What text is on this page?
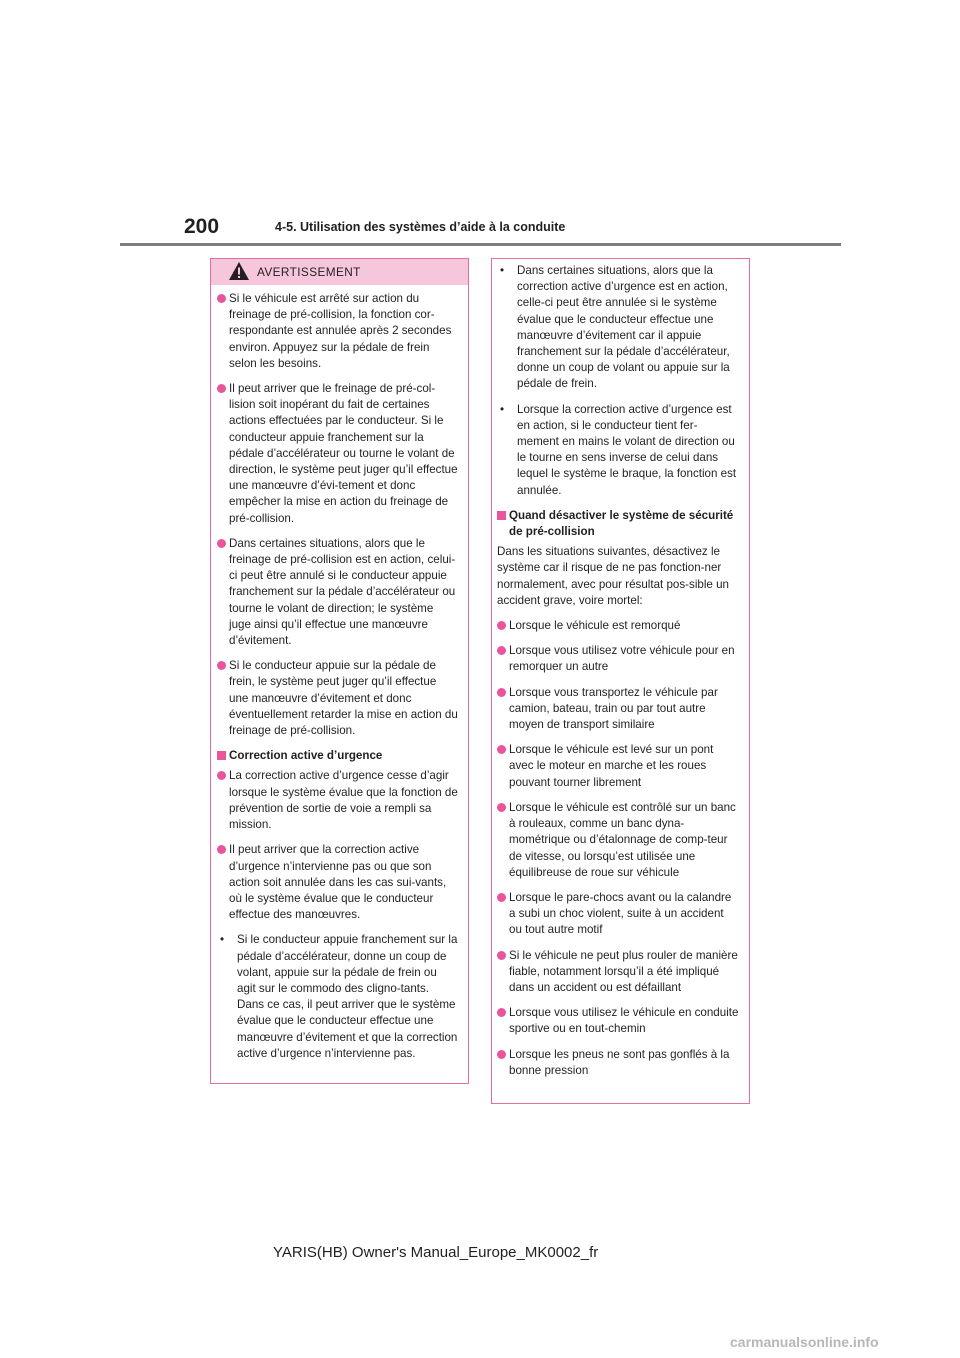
200	4-5. Utilisation des systèmes d’aide à la conduite
AVERTISSEMENT
Si le véhicule est arrêté sur action du freinage de pré-collision, la fonction cor-respondante est annulée après 2 secondes environ. Appuyez sur la pédale de frein selon les besoins.
Il peut arriver que le freinage de pré-col-lision soit inopérant du fait de certaines actions effectuées par le conducteur. Si le conducteur appuie franchement sur la pédale d’accélérateur ou tourne le volant de direction, le système peut juger qu’il effectue une manœuvre d’évi-tement et donc empêcher la mise en action du freinage de pré-collision.
Dans certaines situations, alors que le freinage de pré-collision est en action, celui-ci peut être annulé si le conducteur appuie franchement sur la pédale d’accélérateur ou tourne le volant de direction; le système juge ainsi qu’il effectue une manœuvre d’évitement.
Si le conducteur appuie sur la pédale de frein, le système peut juger qu’il effectue une manœuvre d’évitement et donc éventuellement retarder la mise en action du freinage de pré-collision.
Correction active d’urgence
La correction active d’urgence cesse d’agir lorsque le système évalue que la fonction de prévention de sortie de voie a rempli sa mission.
Il peut arriver que la correction active d’urgence n’intervienne pas ou que son action soit annulée dans les cas sui-vants, où le système évalue que le conducteur effectue des manœuvres.
• Si le conducteur appuie franchement sur la pédale d’accélérateur, donne un coup de volant, appuie sur la pédale de frein ou agit sur le commodo des cligno-tants. Dans ce cas, il peut arriver que le système évalue que le conducteur effectue une manœuvre d’évitement et que la correction active d’urgence n’intervienne pas.
• Dans certaines situations, alors que la correction active d’urgence est en action, celle-ci peut être annulée si le système évalue que le conducteur effectue une manœuvre d’évitement car il appuie franchement sur la pédale d’accélérateur, donne un coup de volant ou appuie sur la pédale de frein.
• Lorsque la correction active d’urgence est en action, si le conducteur tient fer-mement en mains le volant de direction ou le tourne en sens inverse de celui dans lequel le système le braque, la fonction est annulée.
Quand désactiver le système de sécurité de pré-collision
Dans les situations suivantes, désactivez le système car il risque de ne pas fonction-ner normalement, avec pour résultat pos-sible un accident grave, voire mortel:
Lorsque le véhicule est remorqué
Lorsque vous utilisez votre véhicule pour en remorquer un autre
Lorsque vous transportez le véhicule par camion, bateau, train ou par tout autre moyen de transport similaire
Lorsque le véhicule est levé sur un pont avec le moteur en marche et les roues pouvant tourner librement
Lorsque le véhicule est contrôlé sur un banc à rouleaux, comme un banc dyna-mométrique ou d’étalonnage de comp-teur de vitesse, ou lorsqu’est utilisée une équilibreuse de roue sur véhicule
Lorsque le pare-chocs avant ou la calandre a subi un choc violent, suite à un accident ou tout autre motif
Si le véhicule ne peut plus rouler de manière fiable, notamment lorsqu’il a été impliqué dans un accident ou est défaillant
Lorsque vous utilisez le véhicule en conduite sportive ou en tout-chemin
Lorsque les pneus ne sont pas gonflés à la bonne pression
YARIS(HB) Owner's Manual_Europe_MK0002_fr
carmanualsonline.info
